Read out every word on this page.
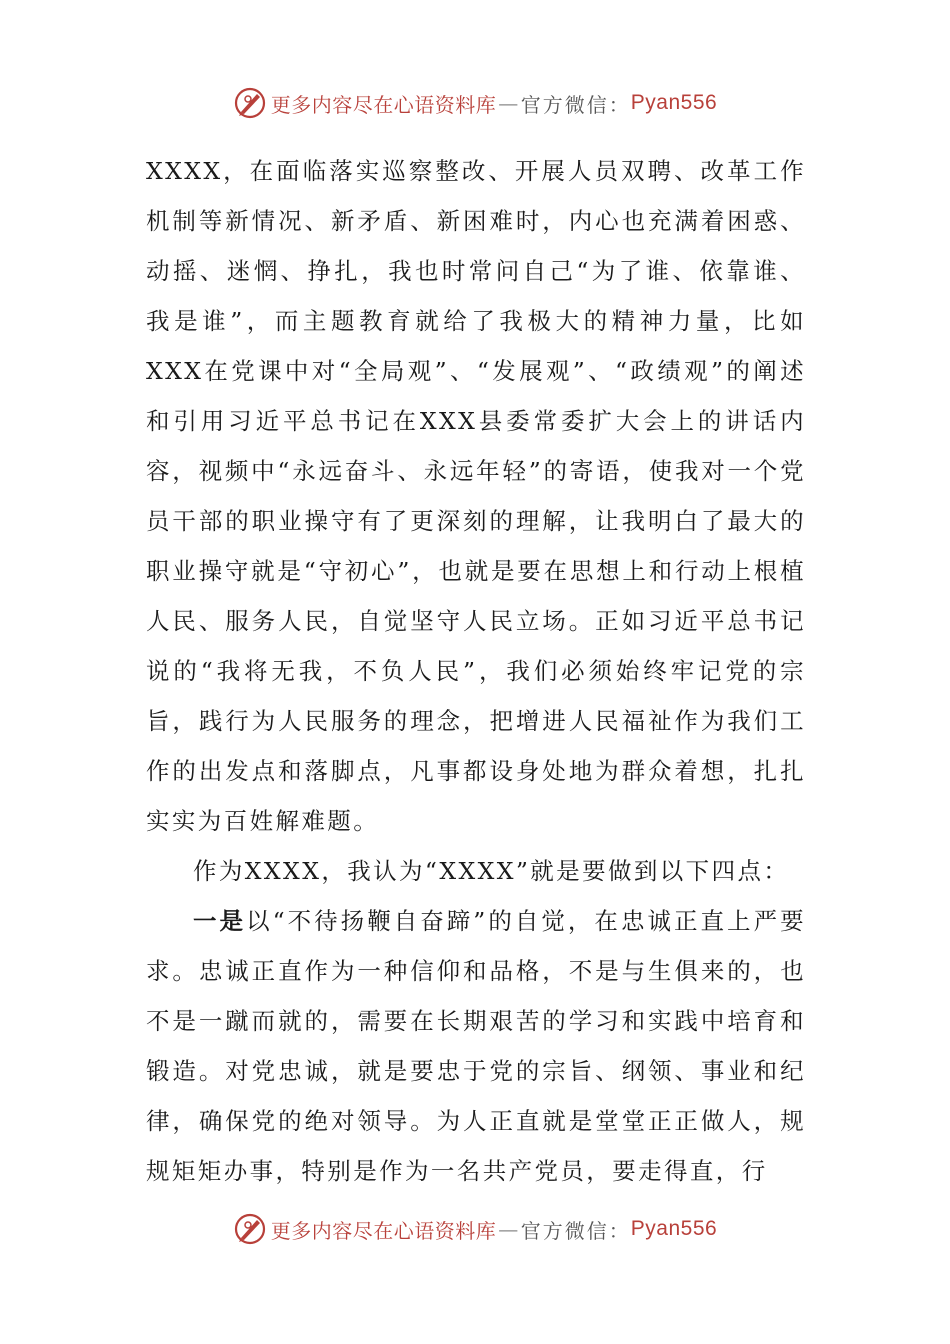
更多内容尽在心语资料库 — 官方微信： Pyan556

XXXX，在面临落实巡察整改、开展人员双聘、改革工作机制等新情况、新矛盾、新困难时，内心也充满着困惑、动摇、迷惘、挣扎，我也时常问自己“为了谁、依靠谁、我是谁”，而主题教育就给了我极大的精神力量，比如XXX在党课中对“全局观”、“发展观”、“政绩观”的阐述和引用习近平总书记在XXX县委常委扩大会上的讲话内容，视频中“永远奋斗、永远年轻”的寄语，使我对一个党员干部的职业操守有了更深刻的理解，让我明白了最大的职业操守就是“守初心”，也就是要在思想上和行动上根植人民、服务人民，自觉坚守人民立场。正如习近平总书记说的“我将无我，不负人民”，我们必须始终牢记党的宗旨，践行为人民服务的理念，把增进人民福祉作为我们工作的出发点和落脚点，凡事都设身处地为群众着想，扎扎实实为百姓解难题。

作为XXXX，我认为“XXXX”就是要做到以下四点：

一是以“不待扬鞭自奋蹄”的自觉，在忠诚正直上严要求。忠诚正直作为一种信仰和品格，不是与生俱来的，也不是一蹴而就的，需要在长期艰苦的学习和实践中培育和锻造。对党忠诚，就是要忠于党的宗旨、纲领、事业和纪律，确保党的绝对领导。为人正直就是堂堂正正做人，规规矩矩办事，特别是作为一名共产党员，要走得直，行

更多内容尽在心语资料库 — 官方微信： Pyan556
